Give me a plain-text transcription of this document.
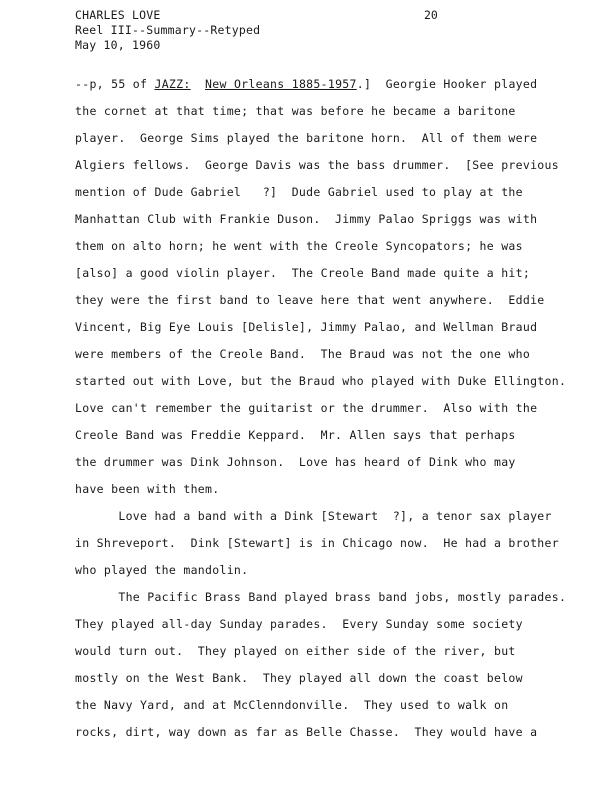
CHARLES LOVE
Reel III--Summary--Retyped
May 10, 1960
20
--p, 55 of JAZZ: New Orleans 1885-1957.]  Georgie Hooker played
the cornet at that time; that was before he became a baritone
player.  George Sims played the baritone horn.  All of them were
Algiers fellows.  George Davis was the bass drummer.  [See previous
mention of Dude Gabriel   ?]  Dude Gabriel used to play at the
Manhattan Club with Frankie Duson.  Jimmy Palao Spriggs was with
them on alto horn; he went with the Creole Syncopators; he was
[also] a good violin player.  The Creole Band made quite a hit;
they were the first band to leave here that went anywhere.  Eddie
Vincent, Big Eye Louis [Delisle], Jimmy Palao, and Wellman Braud
were members of the Creole Band.  The Braud was not the one who
started out with Love, but the Braud who played with Duke Ellington.
Love can't remember the guitarist or the drummer.  Also with the
Creole Band was Freddie Keppard.  Mr. Allen says that perhaps
the drummer was Dink Johnson.  Love has heard of Dink who may
have been with them.
Love had a band with a Dink [Stewart  ?], a tenor sax player
in Shreveport.  Dink [Stewart] is in Chicago now.  He had a brother
who played the mandolin.
The Pacific Brass Band played brass band jobs, mostly parades.
They played all-day Sunday parades.  Every Sunday some society
would turn out.  They played on either side of the river, but
mostly on the West Bank.  They played all down the coast below
the Navy Yard, and at McClenndonville.  They used to walk on
rocks, dirt, way down as far as Belle Chasse.  They would have a
